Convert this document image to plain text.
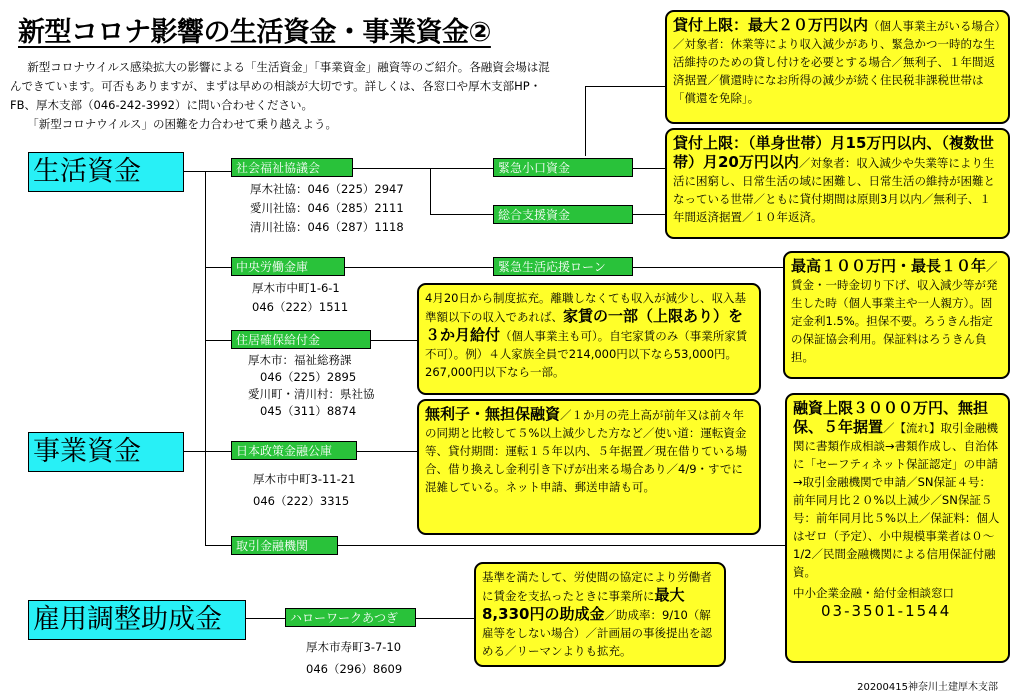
新型コロナ影響の生活資金・事業資金②

新型コロナウイルス感染拡大の影響による「生活資金」「事業資金」融資等のご紹介。各融資会場は混んできています。可否もありますが、まずは早めの相談が大切です。詳しくは、各窓口や厚木支部HP・FB、厚木支部（046-242-3992）に問い合わせください。

「新型コロナウイルス」の困難を力合わせて乗り越えよう。

生活資金
事業資金
雇用調整助成金
社会福祉協議会
厚木社協：046（225）2947
愛川社協：046（285）2111
清川社協：046（287）1118
中央労働金庫
厚木市中町1-6-1
046（222）1511
住居確保給付金
厚木市：福祉総務課
046（225）2895
愛川町・清川村：県社協
045（311）8874
日本政策金融公庫
厚木市中町3-11-21
046（222）3315
取引金融機関
ハローワークあつぎ
厚木市寿町3-7-10
046（296）8609
緊急小口資金
総合支援資金
緊急生活応援ローン
貸付上限：最大２０万円以内（個人事業主がいる場合）／対象者：休業等により収入減少があり、緊急かつ一時的な生活維持のための貸し付けを必要とする場合／無利子、１年間返済据置／償還時になお所得の減少が続く住民税非課税世帯は「償還を免除」。
貸付上限：（単身世帯）月15万円以内、（複数世帯）月20万円以内／対象者：収入減少や失業等により生活に困窮し、日常生活の域に困難し、日常生活の維持が困難となっている世帯／ともに貸付期間は原則3月以内／無利子、１年間返済据置／１０年返済。
最高１００万円・最長１０年／賃金・一時金切り下げ、収入減少等が発生した時（個人事業主や一人親方）。固定金利1.5%。担保不要。ろうきん指定の保証協会利用。保証料はろうきん負担。
4月20日から制度拡充。離職しなくても収入が減少し、収入基準額以下の収入であれば、家賃の一部（上限あり）を３か月給付（個人事業主も可）。自宅家賃のみ（事業所家賃不可）。例）４人家族全員で214,000円以下なら53,000円。267,000円以下なら一部。
無利子・無担保融資／１か月の売上高が前年又は前々年の同期と比較して５%以上減少した方など／使い道：運転資金等、貸付期間：運転１５年以内、５年据置／現在借りている場合、借り換えし金利引き下げが出来る場合あり／4/9・すでに混雑している。ネット申請、郵送申請も可。
融資上限３０００万円、無担保、５年据置／【流れ】取引金融機関に書類作成相談→書類作成し、自治体に「セーフティネット保証認定」の申請→取引金融機関で申請／SN保証４号：前年同月比２０%以上減少／SN保証５号：前年同月比５%以上／保証料：個人はゼロ（予定）、小中規模事業者は０～1/2／民間金融機関による信用保証付融資。
中小企業金融・給付金相談窓口
03-3501-1544
基準を満たして、労使間の協定により労働者に賃金を支払ったときに事業所に最大8,330円の助成金／助成率：9/10（解雇等をしない場合）／計画届の事後提出を認める／リーマンよりも拡充。
20200415神奈川土建厚木支部
